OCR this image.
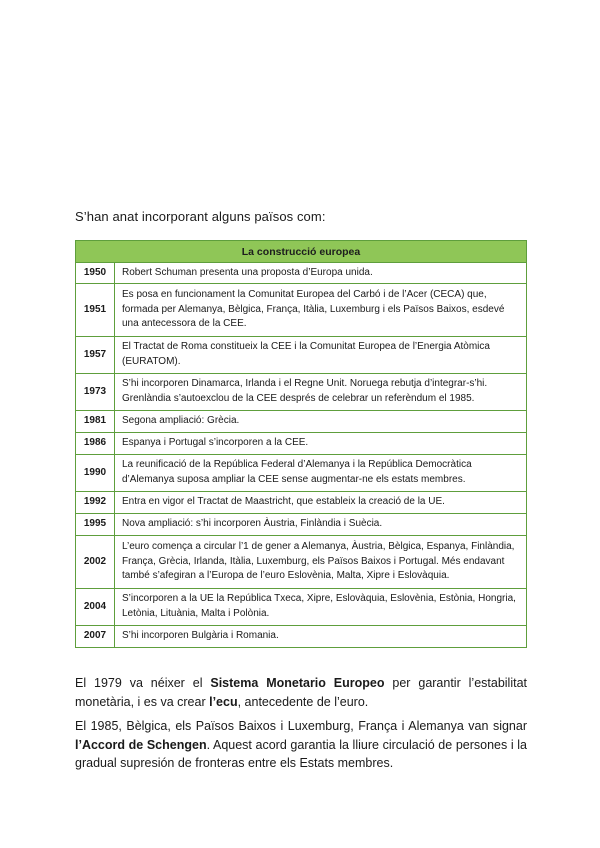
S’han anat incorporant alguns països com:
La construcció europea	
1950	Robert Schuman presenta una proposta d’Europa unida.
1951	Es posa en funcionament la Comunitat Europea del Carbó i de l’Acer (CECA) que, formada per Alemanya, Bèlgica, França, Itàlia, Luxemburg i els Països Baixos, esdevé una antecessora de la CEE.
1957	El Tractat de Roma constitueix la CEE i la Comunitat Europea de l’Energia Atòmica (EURATOM).
1973	S’hi incorporen Dinamarca, Irlanda i el Regne Unit. Noruega rebutja d’integrar-s’hi. Grenlàndia s’autoexclou de la CEE després de celebrar un referèndum el 1985.
1981	Segona ampliació: Grècia.
1986	Espanya i Portugal s’incorporen a la CEE.
1990	La reunificació de la República Federal d’Alemanya i la República Democràtica d’Alemanya suposa ampliar la CEE sense augmentar-ne els estats membres.
1992	Entra en vigor el Tractat de Maastricht, que estableix la creació de la UE.
1995	Nova ampliació: s’hi incorporen Àustria, Finlàndia i Suècia.
2002	L’euro comença a circular l’1 de gener a Alemanya, Àustria, Bèlgica, Espanya, Finlàndia, França, Grècia, Irlanda, Itàlia, Luxemburg, els Països Baixos i Portugal. Més endavant també s’afegiran a l’Europa de l’euro Eslovènia, Malta, Xipre i Eslovàquia.
2004	S’incorporen a la UE la República Txeca, Xipre, Eslovàquia, Eslovènia, Estònia, Hongria, Letònia, Lituània, Malta i Polònia.
2007	S’hi incorporen Bulgària i Romania.
El 1979 va néixer el Sistema Monetario Europeo per garantir l’estabilitat monetària, i es va crear l’ecu, antecedente de l’euro.
El 1985, Bèlgica, els Països Baixos i Luxemburg, França i Alemanya van signar l’Accord de Schengen. Aquest acord garantia la lliure circulació de persones i la gradual supresión de fronteras entre els Estats membres.
